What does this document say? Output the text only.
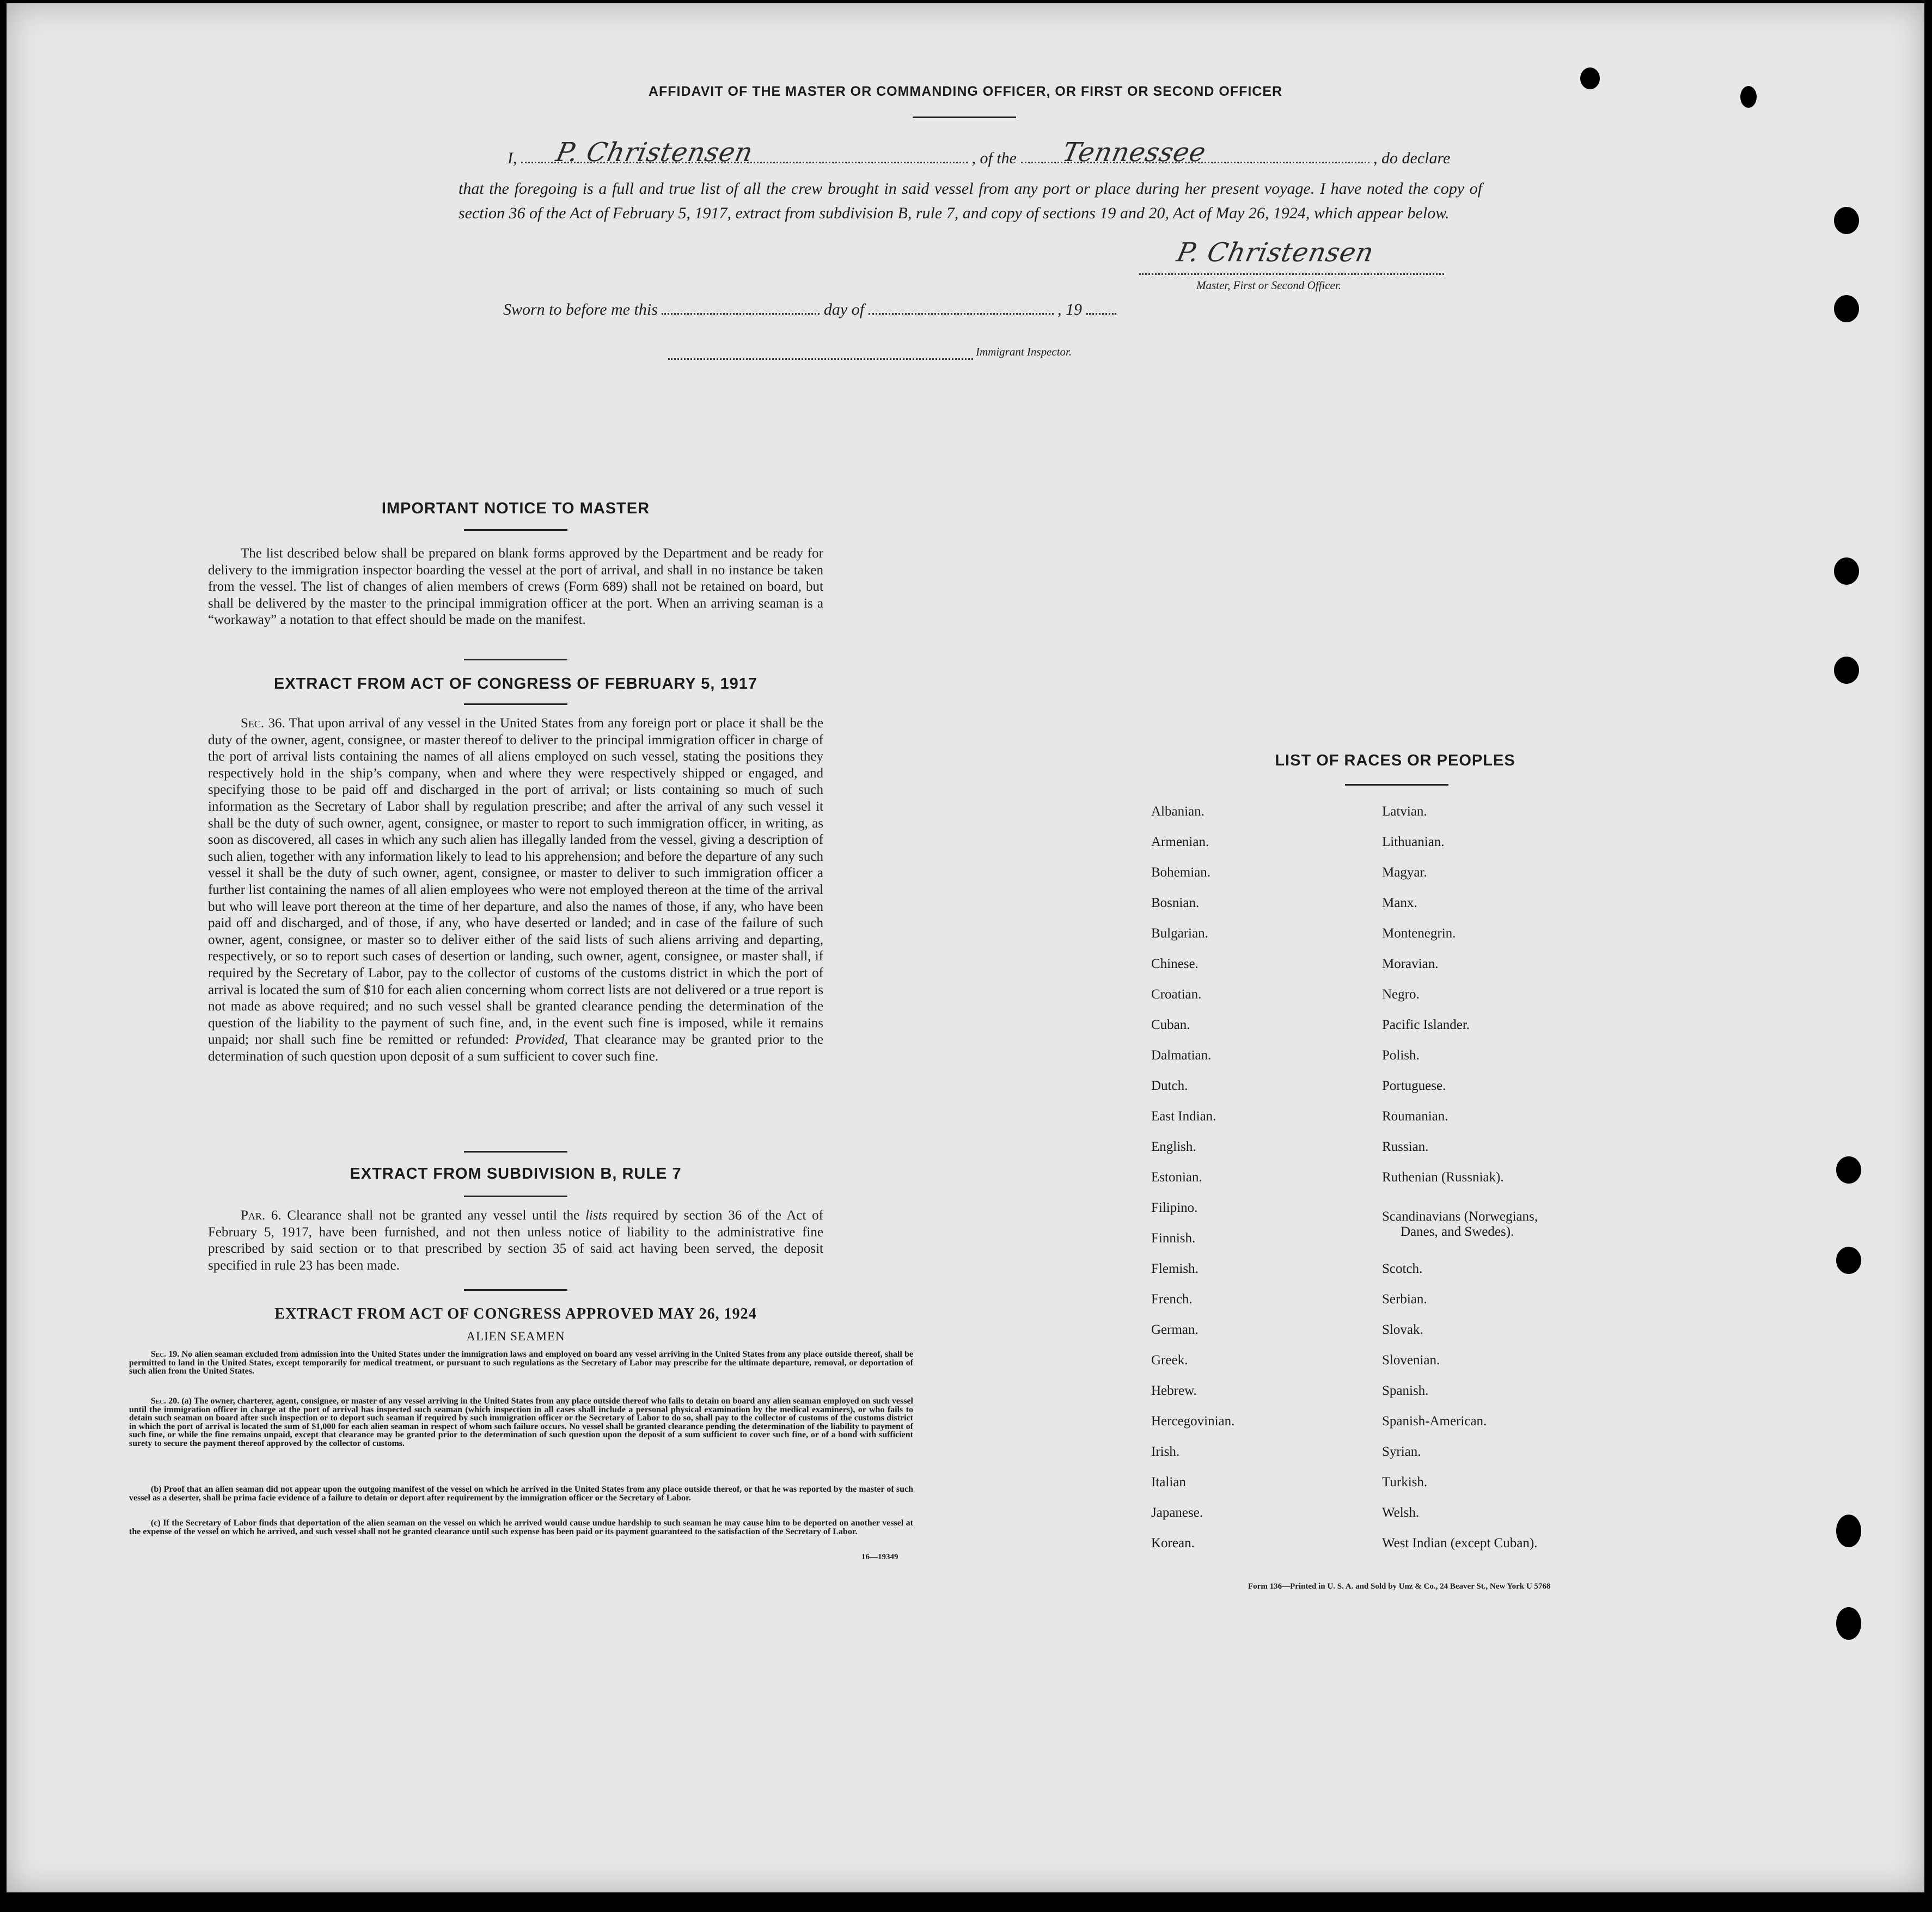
AFFIDAVIT OF THE MASTER OR COMMANDING OFFICER, OR FIRST OR SECOND OFFICER
I,	, of the	, do declare
P. Christensen	Tennessee
that the foregoing is a full and true list of all the crew brought in said vessel from any port or place during her present voyage. I have noted the copy of section 36 of the Act of February 5, 1917, extract from subdivision B, rule 7, and copy of sections 19 and 20, Act of May 26, 1924, which appear below.
P. Christensen
Master, First or Second Officer.
Sworn to before me this	day of	, 19
Immigrant Inspector.
IMPORTANT NOTICE TO MASTER
The list described below shall be prepared on blank forms approved by the Department and be ready for delivery to the immigration inspector boarding the vessel at the port of arrival, and shall in no instance be taken from the vessel. The list of changes of alien members of crews (Form 689) shall not be retained on board, but shall be delivered by the master to the principal immigration officer at the port. When an arriving seaman is a “workaway” a notation to that effect should be made on the manifest.
EXTRACT FROM ACT OF CONGRESS OF FEBRUARY 5, 1917
Sec. 36. That upon arrival of any vessel in the United States from any foreign port or place it shall be the duty of the owner, agent, consignee, or master thereof to deliver to the principal immigration officer in charge of the port of arrival lists containing the names of all aliens employed on such vessel, stating the positions they respectively hold in the ship’s company, when and where they were respectively shipped or engaged, and specifying those to be paid off and discharged in the port of arrival; or lists containing so much of such information as the Secretary of Labor shall by regulation prescribe; and after the arrival of any such vessel it shall be the duty of such owner, agent, consignee, or master to report to such immigration officer, in writing, as soon as discovered, all cases in which any such alien has illegally landed from the vessel, giving a description of such alien, together with any information likely to lead to his apprehension; and before the departure of any such vessel it shall be the duty of such owner, agent, consignee, or master to deliver to such immigration officer a further list containing the names of all alien employees who were not employed thereon at the time of the arrival but who will leave port thereon at the time of her departure, and also the names of those, if any, who have been paid off and discharged, and of those, if any, who have deserted or landed; and in case of the failure of such owner, agent, consignee, or master so to deliver either of the said lists of such aliens arriving and departing, respectively, or so to report such cases of desertion or landing, such owner, agent, consignee, or master shall, if required by the Secretary of Labor, pay to the collector of customs of the customs district in which the port of arrival is located the sum of $10 for each alien concerning whom correct lists are not delivered or a true report is not made as above required; and no such vessel shall be granted clearance pending the determination of the question of the liability to the payment of such fine, and, in the event such fine is imposed, while it remains unpaid; nor shall such fine be remitted or refunded: Provided, That clearance may be granted prior to the determination of such question upon deposit of a sum sufficient to cover such fine.
EXTRACT FROM SUBDIVISION B, RULE 7
Par. 6. Clearance shall not be granted any vessel until the lists required by section 36 of the Act of February 5, 1917, have been furnished, and not then unless notice of liability to the administrative fine prescribed by said section or to that prescribed by section 35 of said act having been served, the deposit specified in rule 23 has been made.
EXTRACT FROM ACT OF CONGRESS APPROVED MAY 26, 1924
ALIEN SEAMEN
Sec. 19. No alien seaman excluded from admission into the United States under the immigration laws and employed on board any vessel arriving in the United States from any place outside thereof, shall be permitted to land in the United States, except temporarily for medical treatment, or pursuant to such regulations as the Secretary of Labor may prescribe for the ultimate departure, removal, or deportation of such alien from the United States.
Sec. 20. (a) The owner, charterer, agent, consignee, or master of any vessel arriving in the United States from any place outside thereof who fails to detain on board any alien seaman employed on such vessel until the immigration officer in charge at the port of arrival has inspected such seaman (which inspection in all cases shall include a personal physical examination by the medical examiners), or who fails to detain such seaman on board after such inspection or to deport such seaman if required by such immigration officer or the Secretary of Labor to do so, shall pay to the collector of customs of the customs district in which the port of arrival is located the sum of $1,000 for each alien seaman in respect of whom such failure occurs. No vessel shall be granted clearance pending the determination of the liability to payment of such fine, or while the fine remains unpaid, except that clearance may be granted prior to the determination of such question upon the deposit of a sum sufficient to cover such fine, or of a bond with sufficient surety to secure the payment thereof approved by the collector of customs.
(b) Proof that an alien seaman did not appear upon the outgoing manifest of the vessel on which he arrived in the United States from any place outside thereof, or that he was reported by the master of such vessel as a deserter, shall be prima facie evidence of a failure to detain or deport after requirement by the immigration officer or the Secretary of Labor.
(c) If the Secretary of Labor finds that deportation of the alien seaman on the vessel on which he arrived would cause undue hardship to such seaman he may cause him to be deported on another vessel at the expense of the vessel on which he arrived, and such vessel shall not be granted clearance until such expense has been paid or its payment guaranteed to the satisfaction of the Secretary of Labor.
16—19349
LIST OF RACES OR PEOPLES
Albanian.
Armenian.
Bohemian.
Bosnian.
Bulgarian.
Chinese.
Croatian.
Cuban.
Dalmatian.
Dutch.
East Indian.
English.
Estonian.
Filipino.
Finnish.
Flemish.
French.
German.
Greek.
Hebrew.
Hercegovinian.
Irish.
Italian
Japanese.
Korean.
Latvian.
Lithuanian.
Magyar.
Manx.
Montenegrin.
Moravian.
Negro.
Pacific Islander.
Polish.
Portuguese.
Roumanian.
Russian.
Ruthenian (Russniak).
Scandinavians (Norwegians,
Danes, and Swedes).
Scotch.
Serbian.
Slovak.
Slovenian.
Spanish.
Spanish-American.
Syrian.
Turkish.
Welsh.
West Indian (except Cuban).
Form 136—Printed in U. S. A. and Sold by Unz & Co., 24 Beaver St., New York U 5768
